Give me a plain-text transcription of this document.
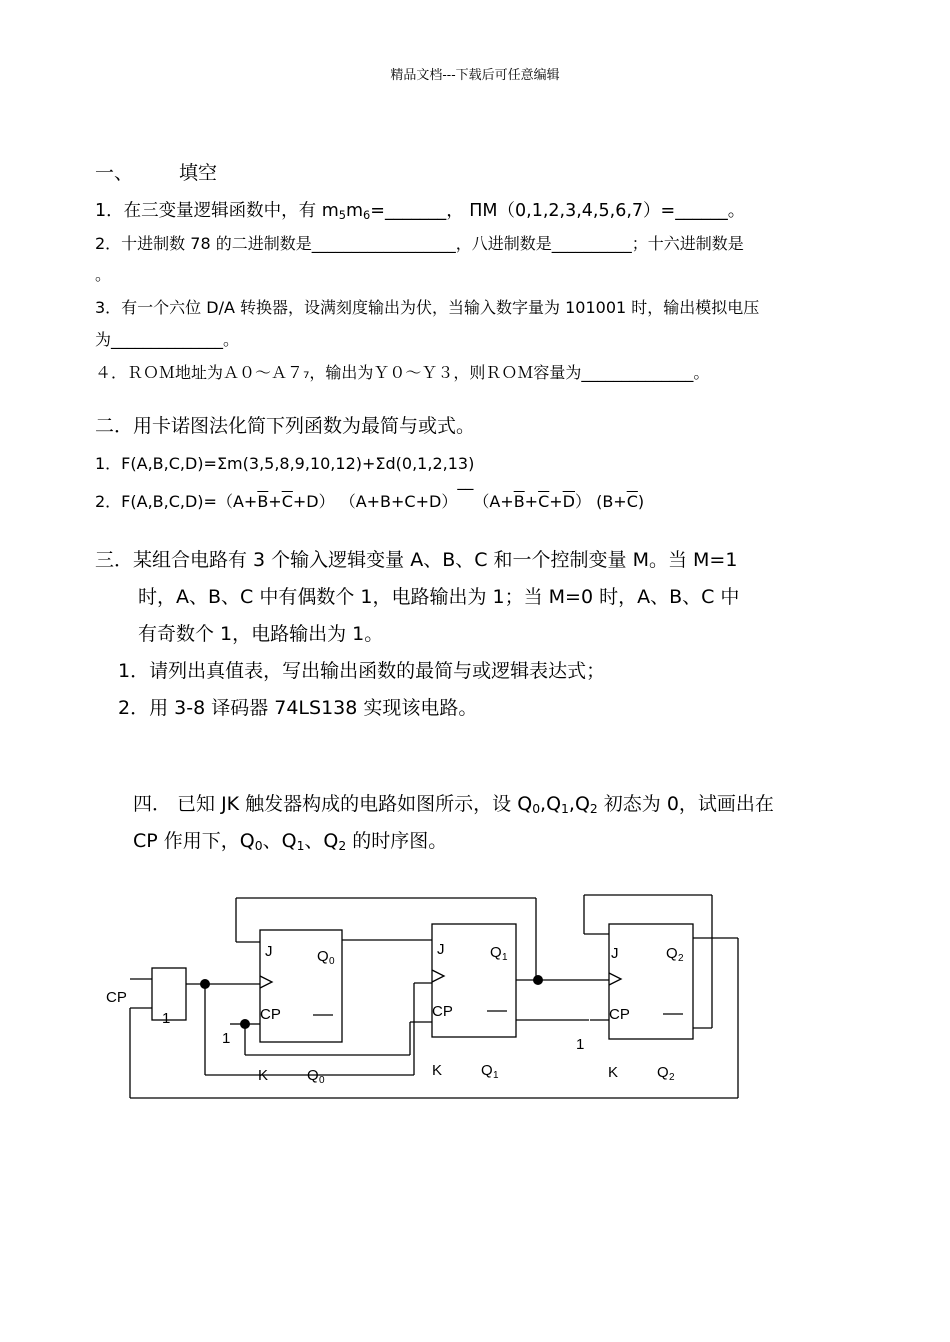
精品文档---下载后可任意编辑
一、 填空
1．在三变量逻辑函数中，有 $m_5m_6=\_\_\_\_\_\_\_$， ΠM（0,1,2,3,4,5,6,7）=______。
2．十进制数 78 的二进制数是__________________，八进制数是__________；十六进制数是
。
3．有一个六位 D/A 转换器，设满刻度输出为伏，当输入数字量为 101001 时，输出模拟电压
为______________。
４．ＲＯＭ地址为Ａ０～Ａ７₇，输出为Ｙ０～Ｙ３，则ＲＯＭ容量为______________。
二．用卡诺图法化简下列函数为最简与或式。
1．F(A,B,C,D)=Σm(3,5,8,9,10,12)+Σd(0,1,2,13)
2．$F(A,B,C,D)=(A+\overline{B}+\overline{C}+D)$ $(A+B+C+D)‾‾(A+\overline{B}+\overline{C}+\overline{D})$ $(B+\overline{C})$
三．某组合电路有 3 个输入逻辑变量 A、B、C 和一个控制变量 M。当 M=1
时，A、B、C 中有偶数个 1，电路输出为 1；当 M=0 时，A、B、C 中
有奇数个 1，电路输出为 1。
1．请列出真值表，写出输出函数的最简与或逻辑表达式；
2．用 3-8 译码器 74LS138 实现该电路。
四． 已知 JK 触发器构成的电路如图所示，设 $Q_0,Q_1,Q_2$ 初态为 0，试画出在
CP 作用下，$Q_0$、$Q_1$、$Q_2$ 的时序图。
CP
1
J	Q 0
CP
K	Q 0
1
J	Q 1
CP
K	Q 1
J	Q 2
CP
K	Q 2
1
